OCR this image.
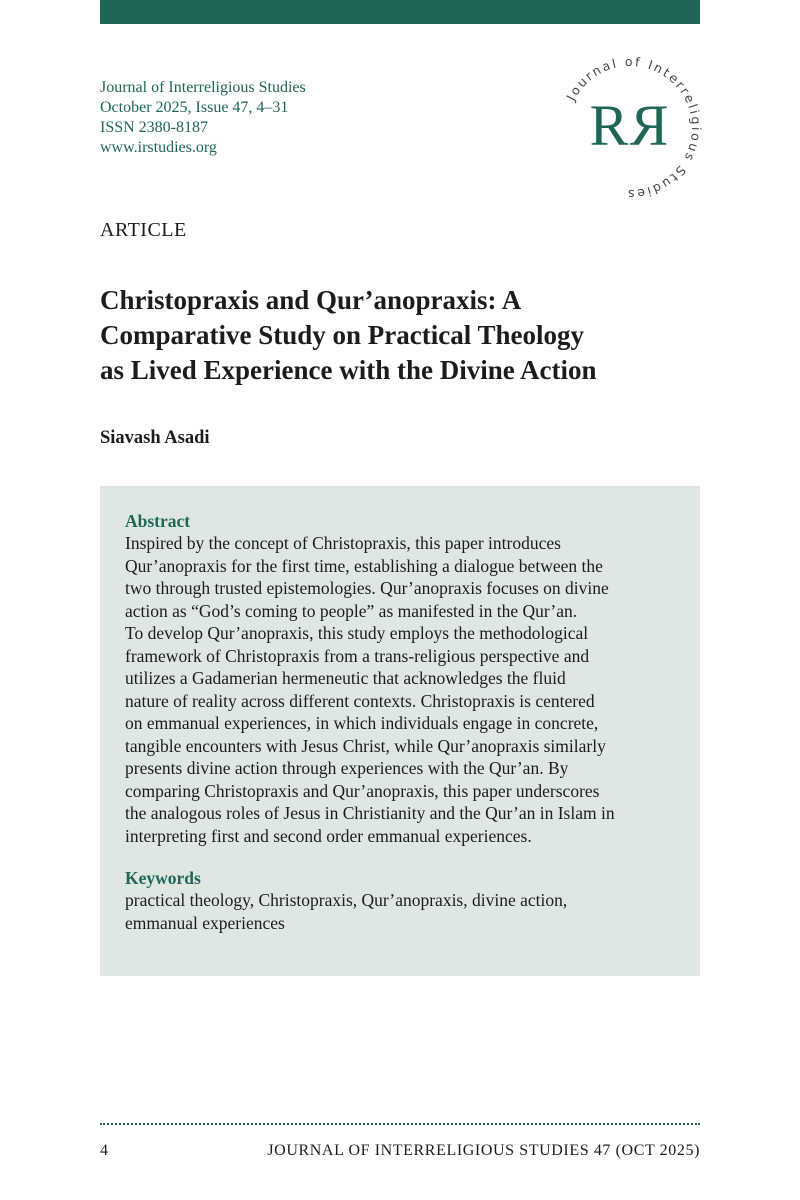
Journal of Interreligious Studies
October 2025, Issue 47, 4–31
ISSN 2380-8187
www.irstudies.org
Journal of Interreligious Studies
R R
ARTICLE
Christopraxis and Qur’anopraxis: A
Comparative Study on Practical Theology
as Lived Experience with the Divine Action
Siavash Asadi
Abstract
Inspired by the concept of Christopraxis, this paper introduces
Qur’anopraxis for the first time, establishing a dialogue between the
two through trusted epistemologies. Qur’anopraxis focuses on divine
action as “God’s coming to people” as manifested in the Qur’an.
To develop Qur’anopraxis, this study employs the methodological
framework of Christopraxis from a trans-religious perspective and
utilizes a Gadamerian hermeneutic that acknowledges the fluid
nature of reality across different contexts. Christopraxis is centered
on emmanual experiences, in which individuals engage in concrete,
tangible encounters with Jesus Christ, while Qur’anopraxis similarly
presents divine action through experiences with the Qur’an. By
comparing Christopraxis and Qur’anopraxis, this paper underscores
the analogous roles of Jesus in Christianity and the Qur’an in Islam in
interpreting first and second order emmanual experiences.
Keywords
practical theology, Christopraxis, Qur’anopraxis, divine action,
emmanual experiences
4	JOURNAL OF INTERRELIGIOUS STUDIES 47 (OCT 2025)
